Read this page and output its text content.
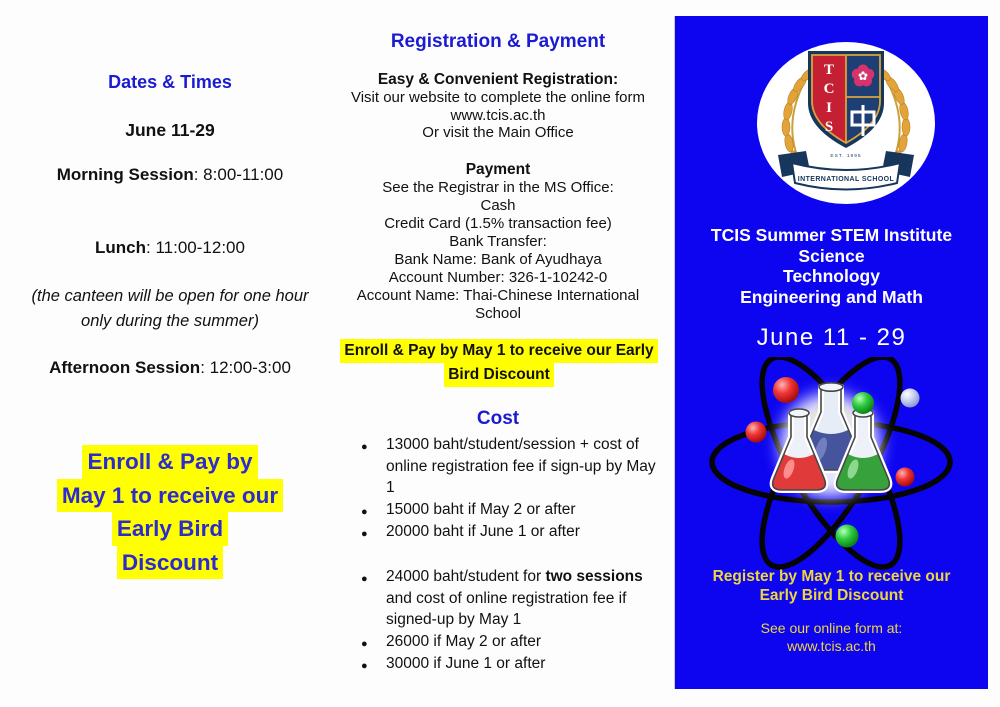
Dates & Times
June 11-29
Morning Session: 8:00-11:00
Lunch: 11:00-12:00
(the canteen will be open for one hour only during the summer)
Afternoon Session: 12:00-3:00
Enroll & Pay by
May 1 to receive our
Early Bird
Discount
Registration & Payment
Easy & Convenient Registration:
Visit our website to complete the online form
www.tcis.ac.th
Or visit the Main Office
Payment
See the Registrar in the MS Office:
Cash
Credit Card (1.5% transaction fee)
Bank Transfer:
Bank Name: Bank of Ayudhaya
Account Number: 326-1-10242-0
Account Name: Thai-Chinese International School
Enroll & Pay by May 1 to receive our Early
Bird Discount
Cost
● 13000 baht/student/session + cost of online registration fee if sign-up by May 1
● 15000 baht if May 2 or after
● 20000 baht if June 1 or after
● 24000 baht/student for two sessions and cost of online registration fee if signed-up by May 1
● 26000 if May 2 or after
● 30000 if June 1 or after
T
C
I
S
EST. 1995
INTERNATIONAL SCHOOL
TCIS Summer STEM Institute
Science
Technology
Engineering and Math
June 11 - 29
Register by May 1 to receive our
Early Bird Discount
See our online form at:
www.tcis.ac.th
